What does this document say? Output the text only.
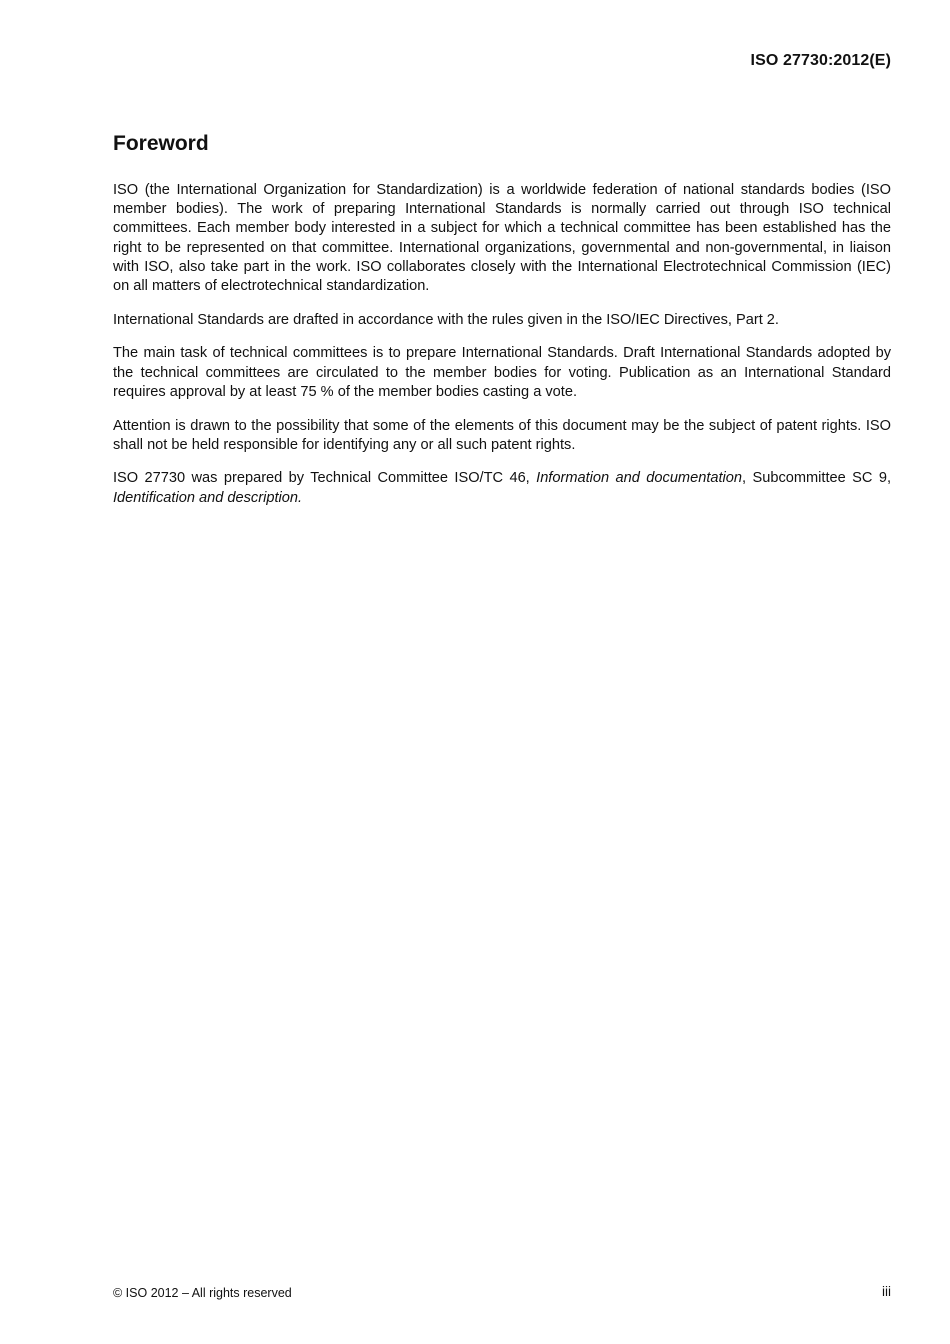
ISO 27730:2012(E)
Foreword

ISO (the International Organization for Standardization) is a worldwide federation of national standards bodies (ISO member bodies). The work of preparing International Standards is normally carried out through ISO technical committees. Each member body interested in a subject for which a technical committee has been established has the right to be represented on that committee. International organizations, governmental and non-governmental, in liaison with ISO, also take part in the work. ISO collaborates closely with the International Electrotechnical Commission (IEC) on all matters of electrotechnical standardization.

International Standards are drafted in accordance with the rules given in the ISO/IEC Directives, Part 2.

The main task of technical committees is to prepare International Standards. Draft International Standards adopted by the technical committees are circulated to the member bodies for voting. Publication as an International Standard requires approval by at least 75 % of the member bodies casting a vote.

Attention is drawn to the possibility that some of the elements of this document may be the subject of patent rights. ISO shall not be held responsible for identifying any or all such patent rights.

ISO 27730 was prepared by Technical Committee ISO/TC 46, Information and documentation, Subcommittee SC 9, Identification and description.

© ISO 2012 – All rights reserved	iii
